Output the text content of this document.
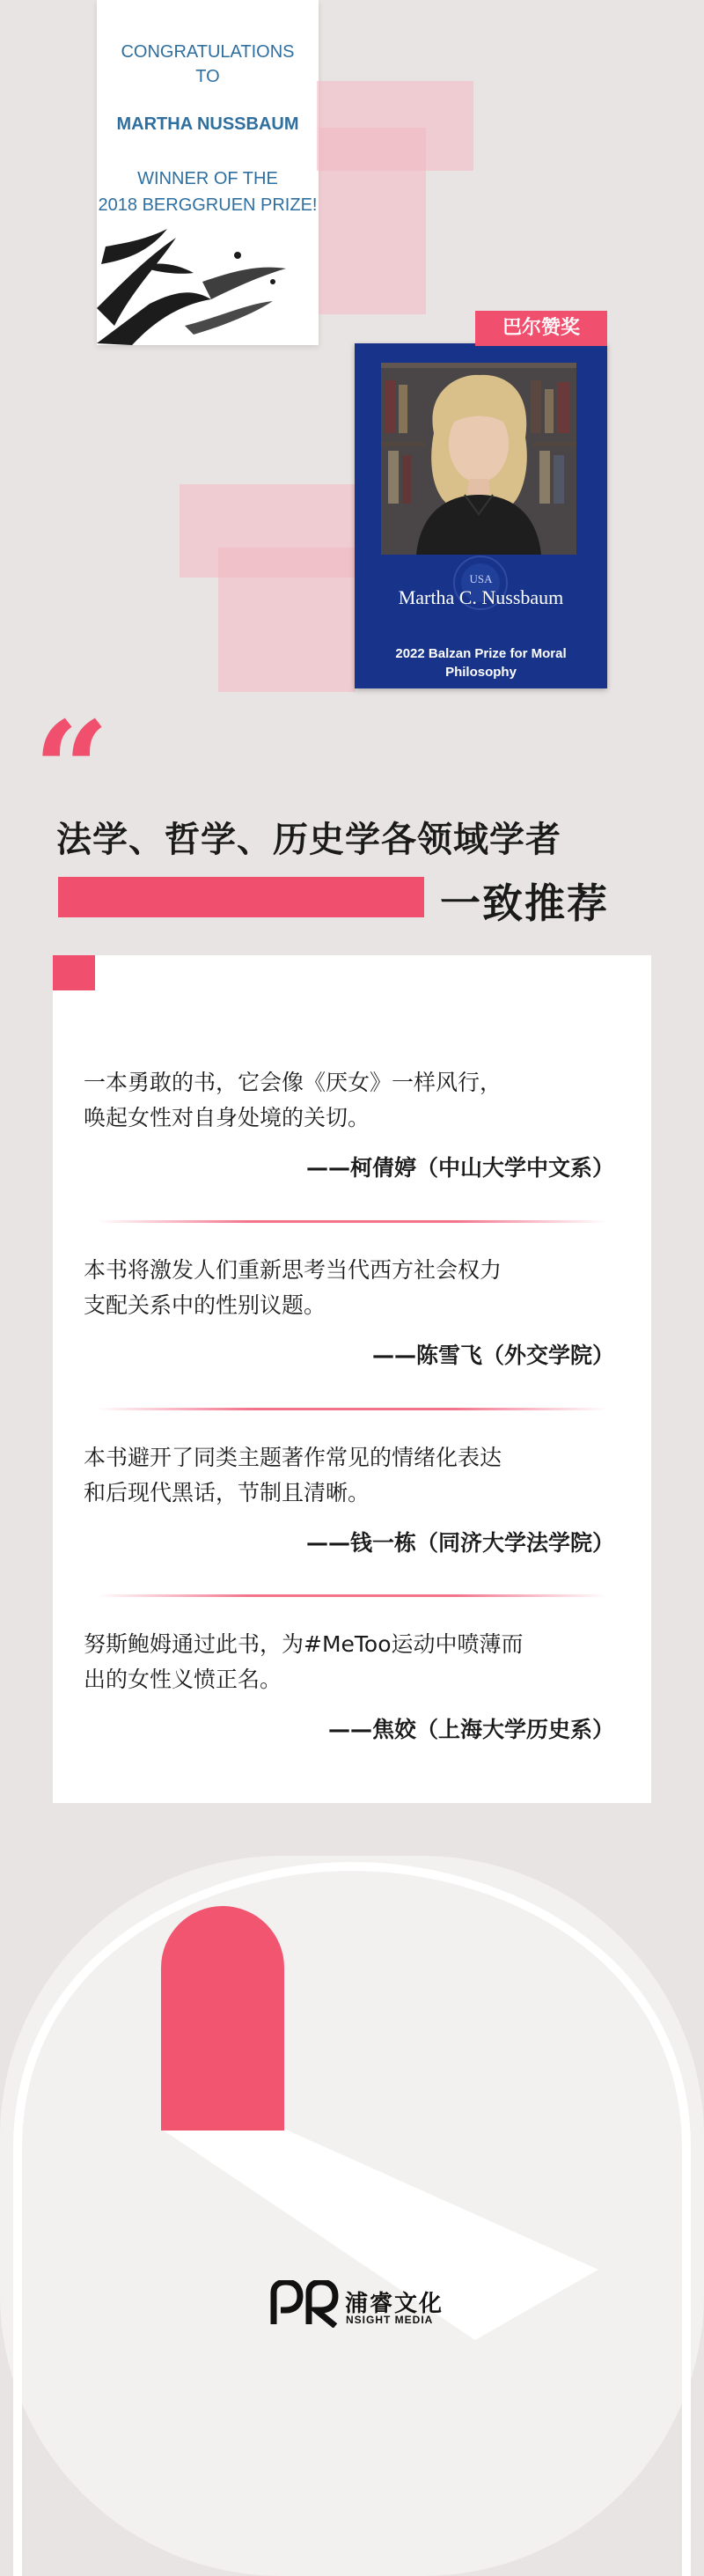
CONGRATULATIONS
TO
MARTHA NUSSBAUM
WINNER OF THE
2018 BERGGRUEN PRIZE!
巴尔赞奖
USA
Martha C. Nussbaum
2022 Balzan Prize for Moral
Philosophy
“
法学、哲学、历史学各领域学者
一致推荐
一本勇敢的书，它会像《厌女》一样风行，
唤起女性对自身处境的关切。
——柯倩婷（中山大学中文系）
本书将激发人们重新思考当代西方社会权力
支配关系中的性别议题。
——陈雪飞（外交学院）
本书避开了同类主题著作常见的情绪化表达
和后现代黑话，节制且清晰。
——钱一栋（同济大学法学院）
努斯鲍姆通过此书，为#MeToo运动中喷薄而
出的女性义愤正名。
——焦姣（上海大学历史系）
浦睿文化
NSIGHT MEDIA
